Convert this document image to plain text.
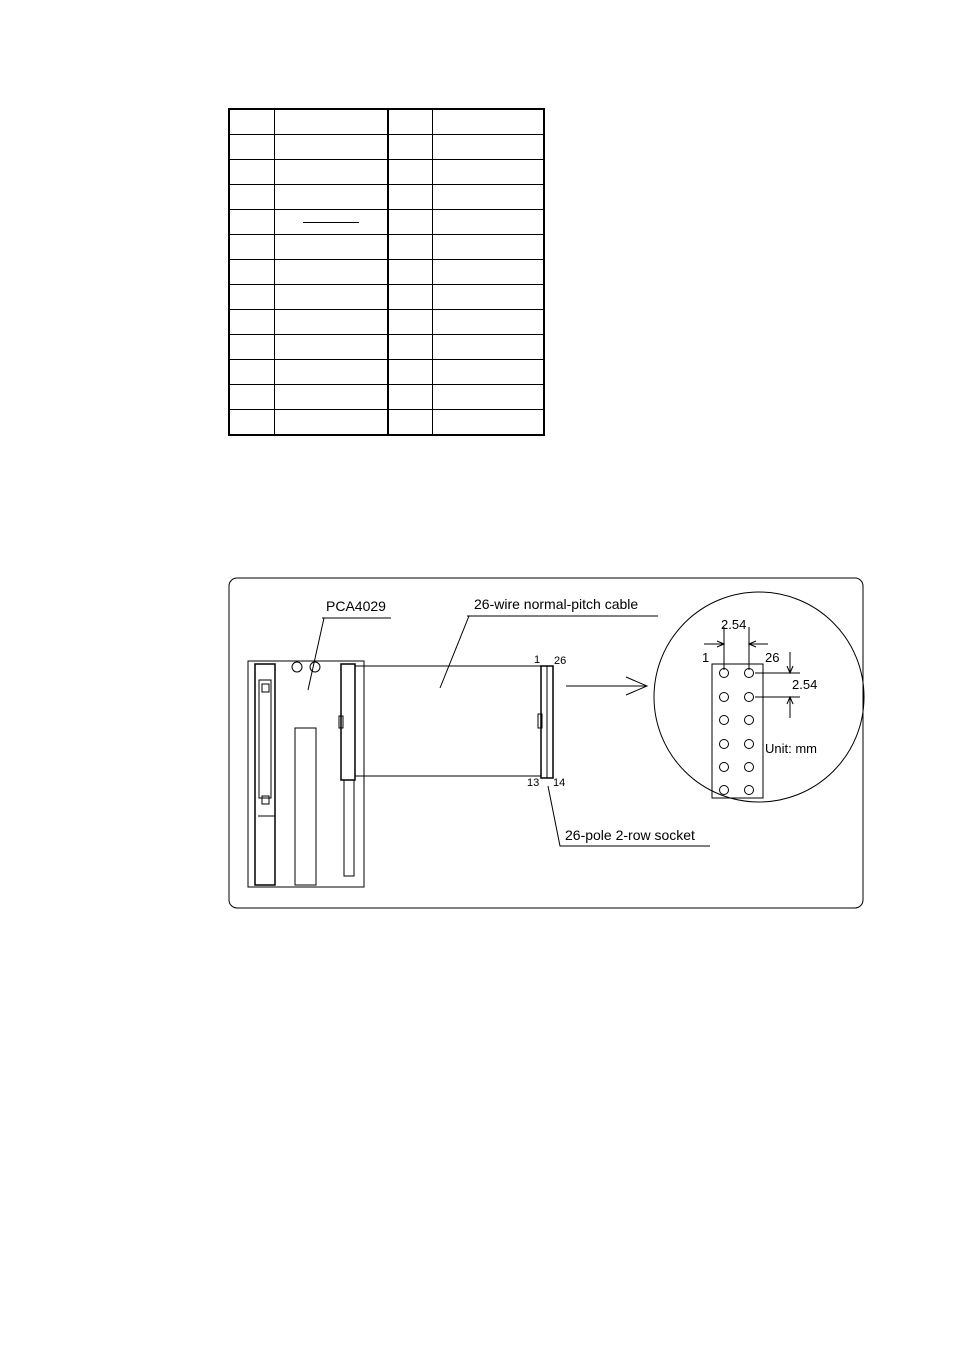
PCA4029	26-wire normal-pitch cable
26-pole 2-row socket
1 26
13 14
2.54
2.54
1	26
Unit: mm
